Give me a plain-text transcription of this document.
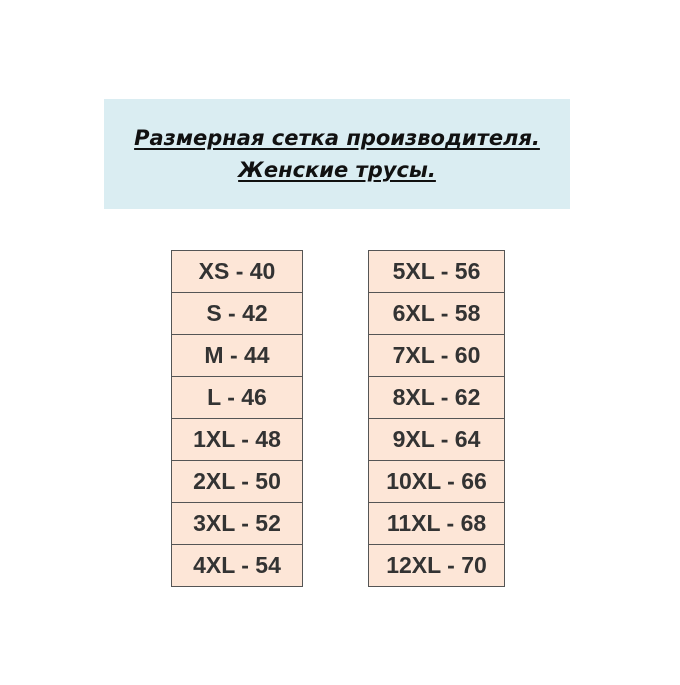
Размерная сетка производителя.
Женские трусы.
XS - 40
S - 42
M - 44
L - 46
1XL - 48
2XL - 50
3XL - 52
4XL - 54
5XL - 56
6XL - 58
7XL - 60
8XL - 62
9XL - 64
10XL - 66
11XL - 68
12XL - 70
